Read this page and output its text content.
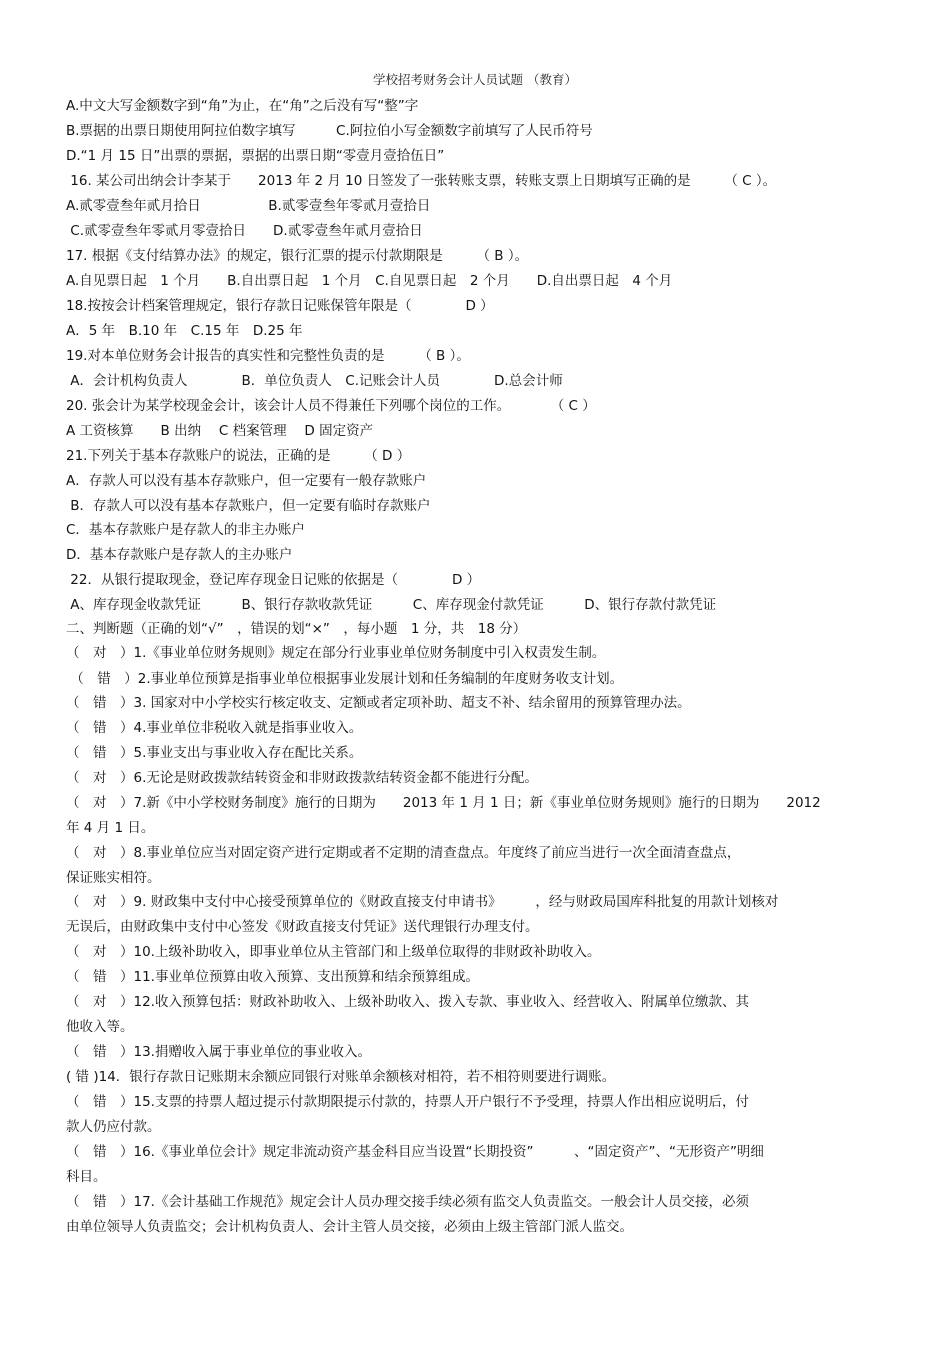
学校招考财务会计人员试题 （教育）
A.中文大写金额数字到“角”为止，在“角”之后没有写“整”字
B.票据的出票日期使用阿拉伯数字填写　　　C.阿拉伯小写金额数字前填写了人民币符号
D.“1 月 15 日”出票的票据，票据的出票日期“零壹月壹拾伍日”
16. 某公司出纳会计李某于　　2013 年 2 月 10 日签发了一张转账支票，转账支票上日期填写正确的是　　　（ C ）。
A.贰零壹叁年贰月拾日　　　　　B.贰零壹叁年零贰月壹拾日
C.贰零壹叁年零贰月零壹拾日　　D.贰零壹叁年贰月壹拾日
17. 根据《支付结算办法》的规定，银行汇票的提示付款期限是　　　（ B ）。
A.自见票日起　1 个月　　B.自出票日起　1 个月　C.自见票日起　2 个月　　D.自出票日起　4 个月
18.按按会计档案管理规定，银行存款日记账保管年限是（　　　　D ）
A．5 年　B.10 年　C.15 年　D.25 年
19.对本单位财务会计报告的真实性和完整性负责的是　　　（ B ）。
A．会计机构负责人　　　　B．单位负责人　C.记账会计人员　　　　D.总会计师
20. 张会计为某学校现金会计，该会计人员不得兼任下列哪个岗位的工作。　　　　（ C ）
A 工资核算　　B 出纳　 C 档案管理　 D 固定资产
21.下列关于基本存款账户的说法，正确的是　　　（ D ）
A．存款人可以没有基本存款账户，但一定要有一般存款账户
B．存款人可以没有基本存款账户，但一定要有临时存款账户
C．基本存款账户是存款人的非主办账户
D．基本存款账户是存款人的主办账户
22．从银行提取现金，登记库存现金日记账的依据是（　　　　D ）
A、库存现金收款凭证　　　B、银行存款收款凭证　　　C、库存现金付款凭证　　　D、银行存款付款凭证
二、判断题（正确的划“√”　，错误的划“×”　，每小题　1 分，共　18 分）
（　对　）1.《事业单位财务规则》规定在部分行业事业单位财务制度中引入权责发生制。
（　错　）2.事业单位预算是指事业单位根据事业发展计划和任务编制的年度财务收支计划。
（　错　）3. 国家对中小学校实行核定收支、定额或者定项补助、超支不补、结余留用的预算管理办法。
（　错　）4.事业单位非税收入就是指事业收入。
（　错　）5.事业支出与事业收入存在配比关系。
（　对　）6.无论是财政拨款结转资金和非财政拨款结转资金都不能进行分配。
（　对　）7.新《中小学校财务制度》施行的日期为　　2013 年 1 月 1 日；新《事业单位财务规则》施行的日期为　　2012
年 4 月 1 日。
（　对　）8.事业单位应当对固定资产进行定期或者不定期的清查盘点。年度终了前应当进行一次全面清查盘点，
保证账实相符。
（　对　）9. 财政集中支付中心接受预算单位的《财政直接支付申请书》　　　，经与财政局国库科批复的用款计划核对
无误后，由财政集中支付中心签发《财政直接支付凭证》送代理银行办理支付。
（　对　）10.上级补助收入，即事业单位从主管部门和上级单位取得的非财政补助收入。
（　错　）11.事业单位预算由收入预算、支出预算和结余预算组成。
（　对　）12.收入预算包括：财政补助收入、上级补助收入、拨入专款、事业收入、经营收入、附属单位缴款、其
他收入等。
（　错　）13.捐赠收入属于事业单位的事业收入。
( 错 )14．银行存款日记账期末余额应同银行对账单余额核对相符，若不相符则要进行调账。
（　错　）15.支票的持票人超过提示付款期限提示付款的，持票人开户银行不予受理，持票人作出相应说明后，付
款人仍应付款。
（　错　）16.《事业单位会计》规定非流动资产基金科目应当设置“长期投资”　　　、“固定资产”、“无形资产”明细
科目。
（　错　）17.《会计基础工作规范》规定会计人员办理交接手续必须有监交人负责监交。一般会计人员交接，必须
由单位领导人负责监交；会计机构负责人、会计主管人员交接，必须由上级主管部门派人监交。
